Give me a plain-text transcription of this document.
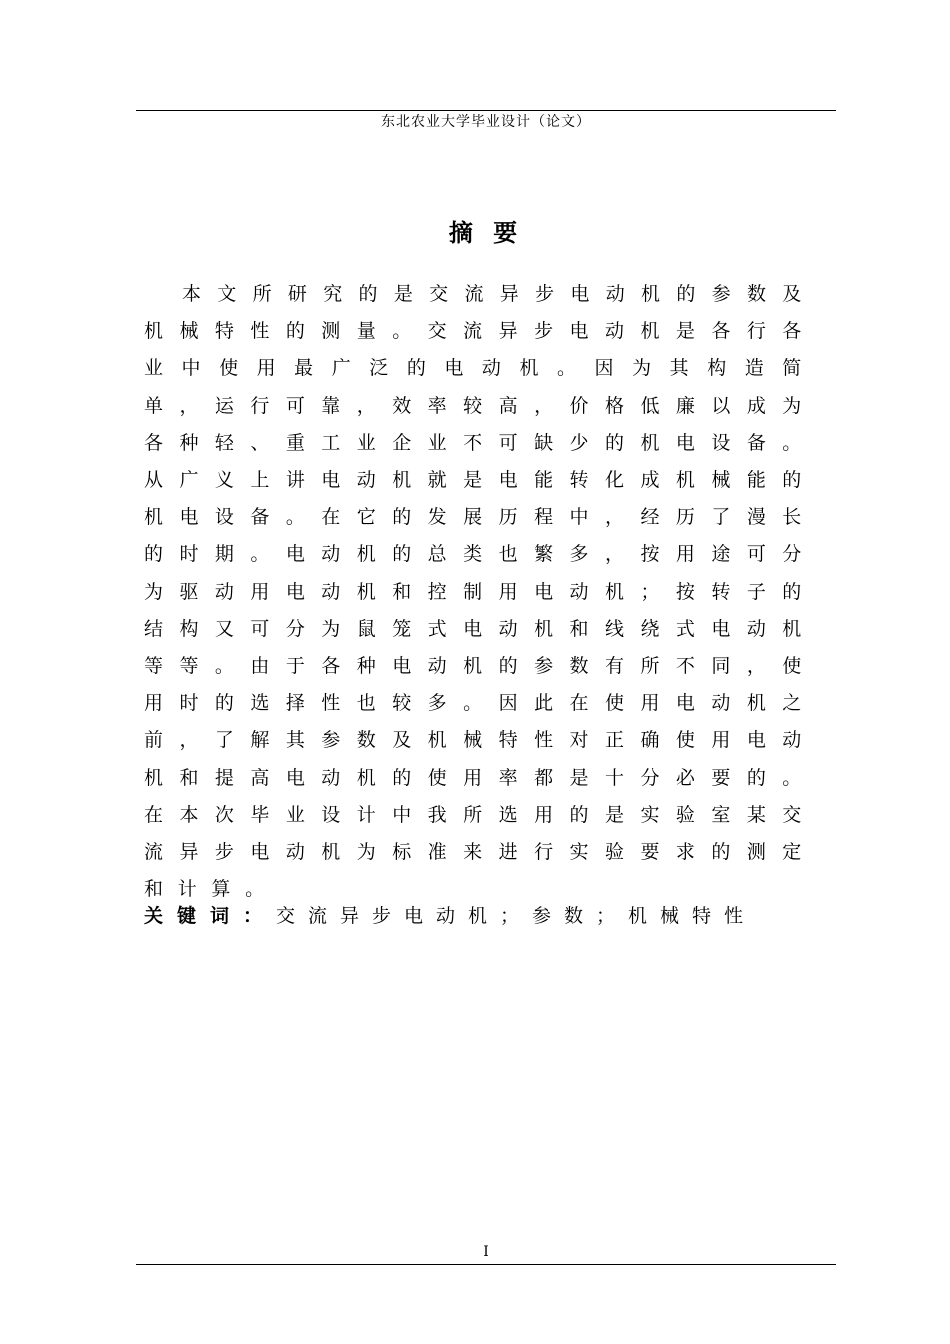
东北农业大学毕业设计（论文）
摘 要

本文所研究的是交流异步电动机的参数及机械特性的测量。交流异步电动机是各行各业中使用最广泛的电动机。因为其构造简单，运行可靠，效率较高，价格低廉以成为各种轻、重工业企业不可缺少的机电设备。从广义上讲电动机就是电能转化成机械能的机电设备。在它的发展历程中，经历了漫长的时期。电动机的总类也繁多，按用途可分为驱动用电动机和控制用电动机；按转子的结构又可分为鼠笼式电动机和线绕式电动机等等。由于各种电动机的参数有所不同，使用时的选择性也较多。因此在使用电动机之前，了解其参数及机械特性对正确使用电动机和提高电动机的使用率都是十分必要的。在本次毕业设计中我所选用的是实验室某交流异步电动机为标准来进行实验要求的测定和计算。

关键词：交流异步电动机；参数；机械特性
I
